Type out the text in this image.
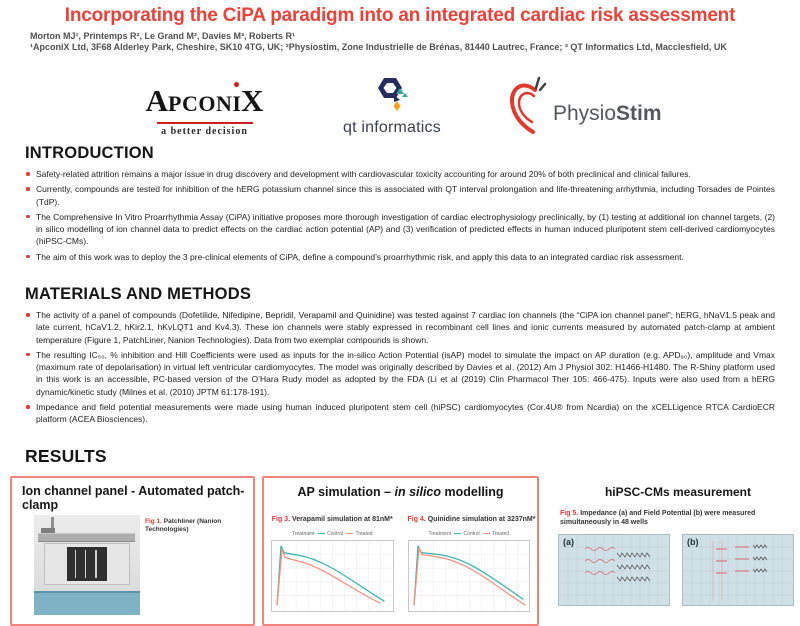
Incorporating the CiPA paradigm into an integrated cardiac risk assessment
Morton MJ¹, Printemps R², Le Grand M², Davies M³, Roberts R¹
¹ApconiX Ltd, 3F68 Alderley Park, Cheshire, SK10 4TG, UK; ²Physiostim, Zone Industrielle de Brénas, 81440 Lautrec, France; ³ QT Informatics Ltd, Macclesfield, UK
APCONI
X
a better decision	qt informatics
PhysioStim
INTRODUCTION
Safety-related attrition remains a major issue in drug discovery and development with cardiovascular toxicity accounting for around 20% of both preclinical and clinical failures.
Currently, compounds are tested for inhibition of the hERG potassium channel since this is associated with QT interval prolongation and life-threatening arrhythmia, including Torsades de Pointes (TdP).
The Comprehensive In Vitro Proarrhythmia Assay (CiPA) initiative proposes more thorough investigation of cardiac electrophysiology preclinically, by (1) testing at additional ion channel targets, (2) in silico modelling of ion channel data to predict effects on the cardiac action potential (AP) and (3) verification of predicted effects in human induced pluripotent stem cell-derived cardiomyocytes (hiPSC-CMs).
The aim of this work was to deploy the 3 pre-clinical elements of CiPA, define a compound’s proarrhythmic risk, and apply this data to an integrated cardiac risk assessment.
MATERIALS AND METHODS
The activity of a panel of compounds (Dofetilide, Nifedipine, Bepridil, Verapamil and Quinidine) was tested against 7 cardiac ion channels (the “CiPA ion channel panel”; hERG, hNaV1.5 peak and late current, hCaV1.2, hKir2.1, hKvLQT1 and Kv4.3). These ion channels were stably expressed in recombinant cell lines and ionic currents measured by automated patch-clamp at ambient temperature (Figure 1, PatchLiner, Nanion Technologies). Data from two exemplar compounds is shown.
The resulting IC₅₀, % inhibition and Hill Coefficients were used as inputs for the in-silico Action Potential (isAP) model to simulate the impact on AP duration (e.g. APD₉₀), amplitude and Vmax (maximum rate of depolarisation) in virtual left ventricular cardiomyocytes. The model was originally described by Davies et al. (2012) Am J Physiol 302: H1466-H1480. The R-Shiny platform used in this work is an accessible, PC-based version of the O’Hara Rudy model as adopted by the FDA (Li et al (2019) Clin Pharmacol Ther 105: 466-475). Inputs were also used from a hERG dynamic/kinetic study (Milnes et al. (2010) JPTM 61:178-191).
Impedance and field potential measurements were made using human induced pluripotent stem cell (hiPSC) cardiomyocytes (Cor.4U® from Ncardia) on the xCELLigence RTCA CardioECR platform (ACEA Biosciences).
RESULTS
Ion channel panel - Automated patch-clamp
Fig 1. Patchliner (Nanion Technologies)
AP simulation – in silico modelling
Fig 3. Verapamil simulation at 81nM*
Treatment Control Treated
Fig 4. Quinidine simulation at 3237nM*
Treatment Control Treated
hiPSC-CMs measurement
Fig 5. Impedance (a) and Field Potential (b) were measured simultaneously in 48 wells
(a)	(b)
